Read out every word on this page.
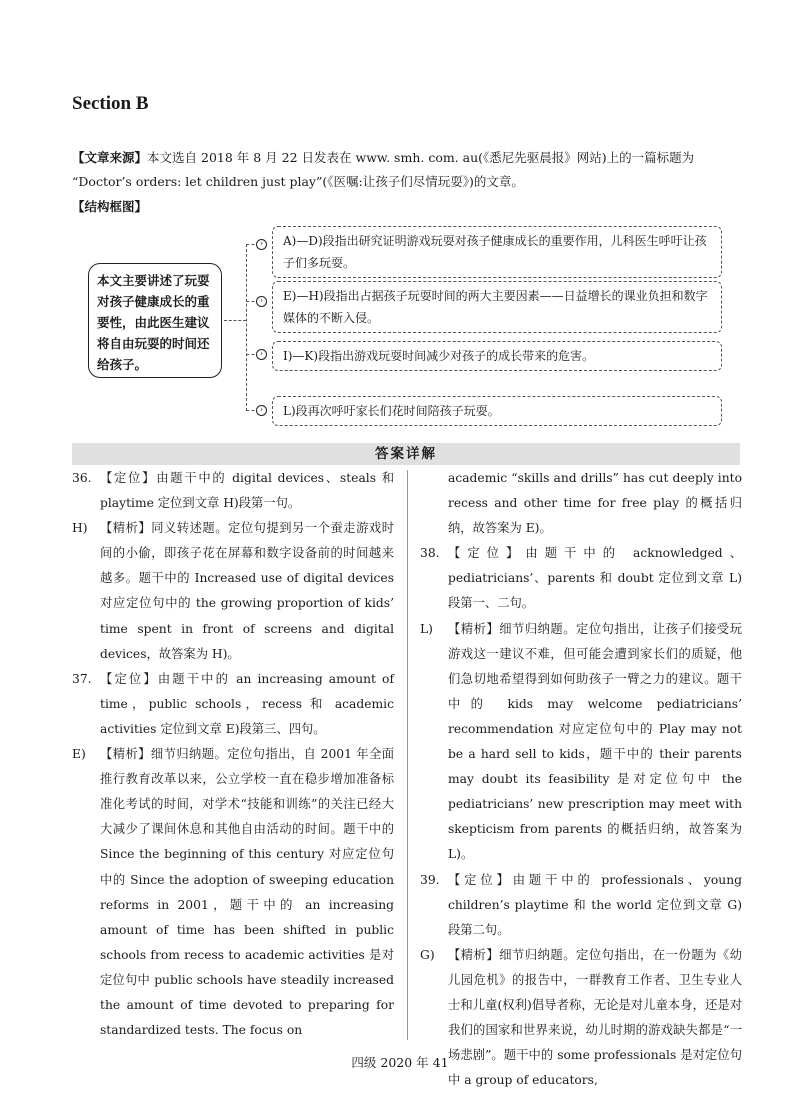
Section B
【文章来源】本文选自 2018 年 8 月 22 日发表在 www. smh. com. au(《悉尼先驱晨报》网站)上的一篇标题为 “Doctor’s orders: let children just play”(《医嘱:让孩子们尽情玩耍》)的文章。
【结构框图】
本文主要讲述了玩耍对孩子健康成长的重要性，由此医生建议将自由玩耍的时间还给孩子。
›
›
›
›
A)—D)段指出研究证明游戏玩耍对孩子健康成长的重要作用，儿科医生呼吁让孩子们多玩耍。
E)—H)段指出占据孩子玩耍时间的两大主要因素——日益增长的课业负担和数字媒体的不断入侵。
I)—K)段指出游戏玩耍时间减少对孩子的成长带来的危害。
L)段再次呼吁家长们花时间陪孩子玩耍。
答案详解

36. 【定位】由题干中的 digital devices、steals 和 playtime 定位到文章 H)段第一句。

H)	【精析】同义转述题。定位句提到另一个蚕走游戏时间的小偷，即孩子花在屏幕和数字设备前的时间越来越多。题干中的 Increased use of digital devices 对应定位句中的 the growing proportion of kids’ time spent in front of screens and digital devices，故答案为 H)。

37. 【定位】由题干中的 an increasing amount of time，public schools，recess 和 academic activities 定位到文章 E)段第三、四句。

E)	【精析】细节归纳题。定位句指出，自 2001 年全面推行教育改革以来，公立学校一直在稳步增加准备标准化考试的时间，对学术“技能和训练”的关注已经大大减少了课间休息和其他自由活动的时间。题干中的 Since the beginning of this century 对应定位句中的 Since the adoption of sweeping education reforms in 2001，题干中的 an increasing amount of time has been shifted in public schools from recess to academic activities 是对定位句中 public schools have steadily increased the amount of time devoted to preparing for standardized tests. The focus on

academic “skills and drills” has cut deeply into recess and other time for free play 的概括归纳，故答案为 E)。

38. 【定位】由题干中的 acknowledged、pediatricians’、parents 和 doubt 定位到文章 L)段第一、二句。

L)	【精析】细节归纳题。定位句指出，让孩子们接受玩游戏这一建议不难，但可能会遭到家长们的质疑，他们急切地希望得到如何助孩子一臂之力的建议。题干中的 kids may welcome pediatricians’ recommendation 对应定位句中的 Play may not be a hard sell to kids，题干中的 their parents may doubt its feasibility 是对定位句中 the pediatricians’ new prescription may meet with skepticism from parents 的概括归纳，故答案为 L)。

39. 【定位】由题干中的 professionals、young children’s playtime 和 the world 定位到文章 G)段第二句。

G)	【精析】细节归纳题。定位句指出，在一份题为《幼儿园危机》的报告中，一群教育工作者、卫生专业人士和儿童(权利)倡导者称，无论是对儿童本身，还是对我们的国家和世界来说，幼儿时期的游戏缺失都是“一场悲剧”。题干中的 some professionals 是对定位句中 a group of educators,

四级 2020 年 41
